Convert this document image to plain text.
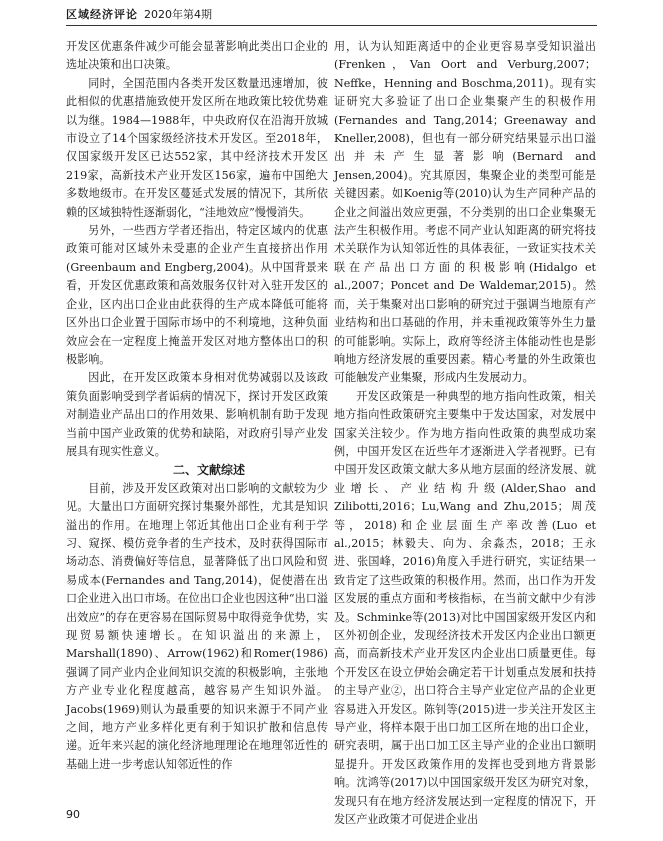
区域经济评论 2020年第4期

开发区优惠条件减少可能会显著影响此类出口企业的选址决策和出口决策。

同时，全国范围内各类开发区数量迅速增加，彼此相似的优惠措施致使开发区所在地政策比较优势难以为继。1984—1988年，中央政府仅在沿海开放城市设立了14个国家级经济技术开发区。至2018年，仅国家级开发区已达552家，其中经济技术开发区219家，高新技术产业开发区156家，遍布中国绝大多数地级市。在开发区蔓延式发展的情况下，其所依赖的区域独特性逐渐弱化，“洼地效应”慢慢消失。

另外，一些西方学者还指出，特定区域内的优惠政策可能对区域外未受惠的企业产生直接挤出作用(Greenbaum and Engberg,2004)。从中国背景来看，开发区优惠政策和高效服务仅针对入驻开发区的企业，区内出口企业由此获得的生产成本降低可能将区外出口企业置于国际市场中的不利境地，这种负面效应会在一定程度上掩盖开发区对地方整体出口的积极影响。

因此，在开发区政策本身相对优势减弱以及该政策负面影响受到学者诟病的情况下，探讨开发区政策对制造业产品出口的作用效果、影响机制有助于发现当前中国产业政策的优势和缺陷，对政府引导产业发展具有现实性意义。

二、文献综述

目前，涉及开发区政策对出口影响的文献较为少见。大量出口方面研究探讨集聚外部性，尤其是知识溢出的作用。在地理上邻近其他出口企业有利于学习、窥探、模仿竞争者的生产技术，及时获得国际市场动态、消费偏好等信息，显著降低了出口风险和贸易成本(Fernandes and Tang,2014)，促使潜在出口企业进入出口市场。在位出口企业也因这种“出口溢出效应”的存在更容易在国际贸易中取得竞争优势，实现贸易额快速增长。在知识溢出的来源上，Marshall(1890)、Arrow(1962)和Romer(1986)强调了同产业内企业间知识交流的积极影响，主张地方产业专业化程度越高，越容易产生知识外溢。Jacobs(1969)则认为最重要的知识来源于不同产业之间，地方产业多样化更有利于知识扩散和信息传递。近年来兴起的演化经济地理理论在地理邻近性的基础上进一步考虑认知邻近性的作

用，认为认知距离适中的企业更容易享受知识溢出(Frenken，Van Oort and Verburg,2007；Neffke，Henning and Boschma,2011)。现有实证研究大多验证了出口企业集聚产生的积极作用(Fernandes and Tang,2014；Greenaway and Kneller,2008)，但也有一部分研究结果显示出口溢出并未产生显著影响(Bernard and Jensen,2004)。究其原因，集聚企业的类型可能是关键因素。如Koenig等(2010)认为生产同种产品的企业之间溢出效应更强，不分类别的出口企业集聚无法产生积极作用。考虑不同产业认知距离的研究将技术关联作为认知邻近性的具体表征，一致证实技术关联在产品出口方面的积极影响(Hidalgo et al.,2007；Poncet and De Waldemar,2015)。然而，关于集聚对出口影响的研究过于强调当地原有产业结构和出口基础的作用，并未重视政策等外生力量的可能影响。实际上，政府等经济主体能动性也是影响地方经济发展的重要因素。精心考量的外生政策也可能触发产业集聚，形成内生发展动力。

开发区政策是一种典型的地方指向性政策，相关地方指向性政策研究主要集中于发达国家，对发展中国家关注较少。作为地方指向性政策的典型成功案例，中国开发区在近些年才逐渐进入学者视野。已有中国开发区政策文献大多从地方层面的经济发展、就业增长、产业结构升级(Alder,Shao and Zilibotti,2016；Lu,Wang and Zhu,2015；周茂等，2018)和企业层面生产率改善(Luo et al.,2015；林毅夫、向为、余淼杰，2018；王永进、张国峰，2016)角度入手进行研究，实证结果一致肯定了这些政策的积极作用。然而，出口作为开发区发展的重点方面和考核指标，在当前文献中少有涉及。Schminke等(2013)对比中国国家级开发区内和区外初创企业，发现经济技术开发区内企业出口额更高，而高新技术产业开发区内企业出口质量更佳。每个开发区在设立伊始会确定若干计划重点发展和扶持的主导产业②，出口符合主导产业定位产品的企业更容易进入开发区。陈钊等(2015)进一步关注开发区主导产业，将样本限于出口加工区所在地的出口企业，研究表明，属于出口加工区主导产业的企业出口额明显提升。开发区政策作用的发挥也受到地方背景影响。沈鸿等(2017)以中国国家级开发区为研究对象，发现只有在地方经济发展达到一定程度的情况下，开发区产业政策才可促进企业出

90
